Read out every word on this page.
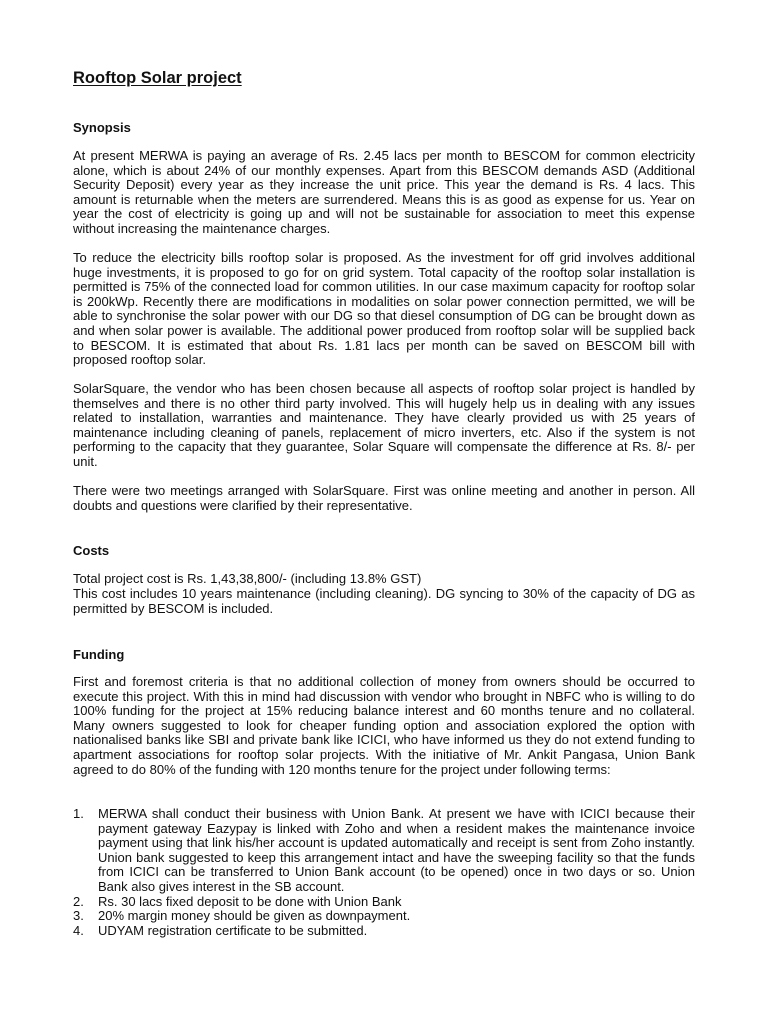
Rooftop Solar project
Synopsis

At present MERWA is paying an average of Rs. 2.45 lacs per month to BESCOM for common electricity alone, which is about 24% of our monthly expenses. Apart from this BESCOM demands ASD (Additional Security Deposit) every year as they increase the unit price. This year the demand is Rs. 4 lacs. This amount is returnable when the meters are surrendered. Means this is as good as expense for us. Year on year the cost of electricity is going up and will not be sustainable for association to meet this expense without increasing the maintenance charges.

To reduce the electricity bills rooftop solar is proposed. As the investment for off grid involves additional huge investments, it is proposed to go for on grid system. Total capacity of the rooftop solar installation is permitted is 75% of the connected load for common utilities. In our case maximum capacity for rooftop solar is 200kWp. Recently there are modifications in modalities on solar power connection permitted, we will be able to synchronise the solar power with our DG so that diesel consumption of DG can be brought down as and when solar power is available. The additional power produced from rooftop solar will be supplied back to BESCOM. It is estimated that about Rs. 1.81 lacs per month can be saved on BESCOM bill with proposed rooftop solar.

SolarSquare, the vendor who has been chosen because all aspects of rooftop solar project is handled by themselves and there is no other third party involved. This will hugely help us in dealing with any issues related to installation, warranties and maintenance. They have clearly provided us with 25 years of maintenance including cleaning of panels, replacement of micro inverters, etc. Also if the system is not performing to the capacity that they guarantee, Solar Square will compensate the difference at Rs. 8/- per unit.

There were two meetings arranged with SolarSquare. First was online meeting and another in person. All doubts and questions were clarified by their representative.

Costs

Total project cost is Rs. 1,43,38,800/- (including 13.8% GST)

This cost includes 10 years maintenance (including cleaning). DG syncing to 30% of the capacity of DG as permitted by BESCOM is included.

Funding

First and foremost criteria is that no additional collection of money from owners should be occurred to execute this project. With this in mind had discussion with vendor who brought in NBFC who is willing to do 100% funding for the project at 15% reducing balance interest and 60 months tenure and no collateral. Many owners suggested to look for cheaper funding option and association explored the option with nationalised banks like SBI and private bank like ICICI, who have informed us they do not extend funding to apartment associations for rooftop solar projects. With the initiative of Mr. Ankit Pangasa, Union Bank agreed to do 80% of the funding with 120 months tenure for the project under following terms:

1. MERWA shall conduct their business with Union Bank. At present we have with ICICI because their payment gateway Eazypay is linked with Zoho and when a resident makes the maintenance invoice payment using that link his/her account is updated automatically and receipt is sent from Zoho instantly. Union bank suggested to keep this arrangement intact and have the sweeping facility so that the funds from ICICI can be transferred to Union Bank account (to be opened) once in two days or so. Union Bank also gives interest in the SB account.
2. Rs. 30 lacs fixed deposit to be done with Union Bank
3. 20% margin money should be given as downpayment.
4. UDYAM registration certificate to be submitted.
